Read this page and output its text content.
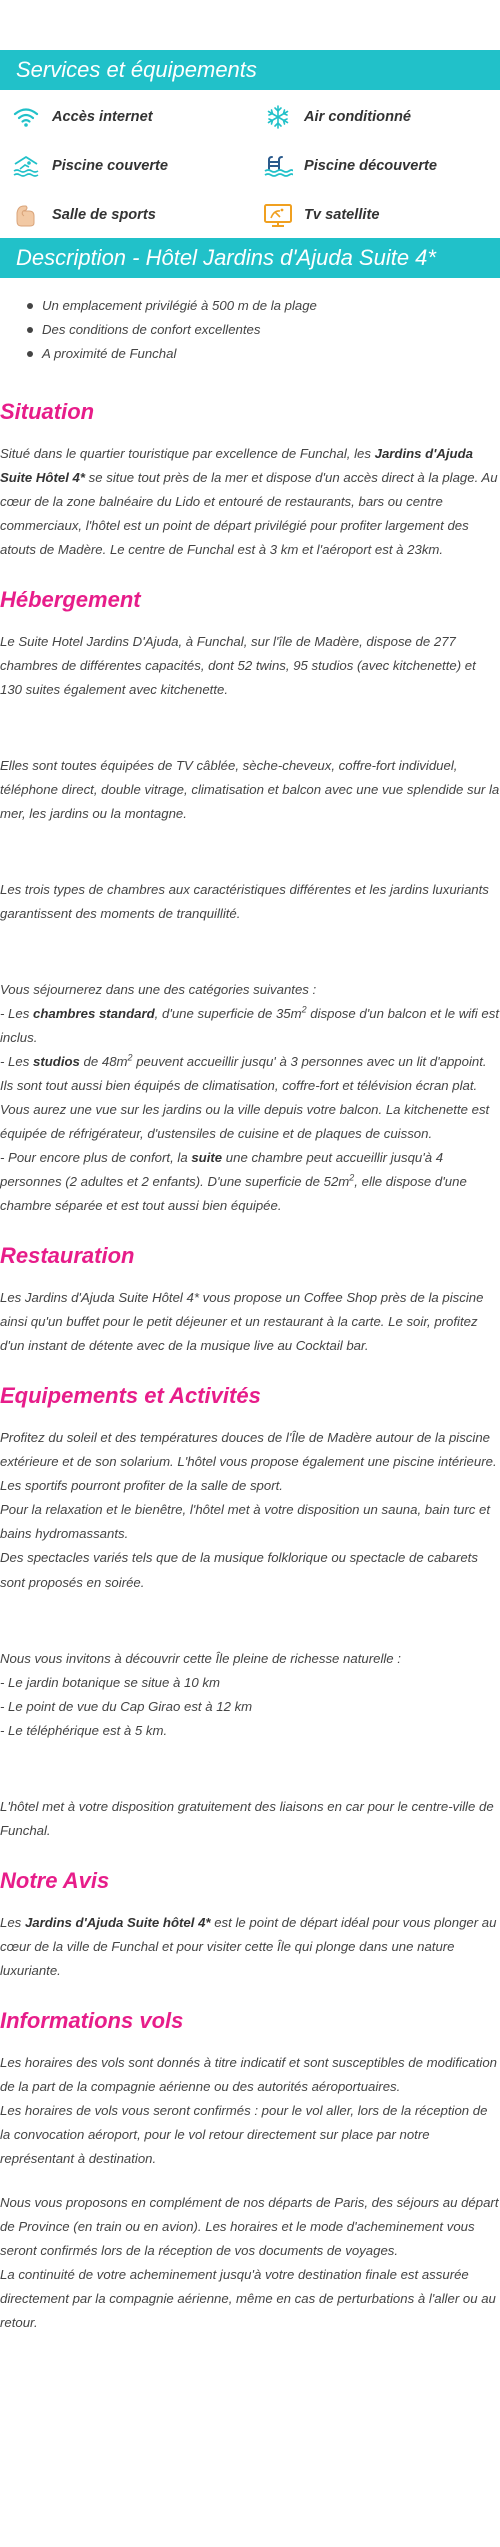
Services et équipements
Accès internet	Air conditionné
Piscine couverte	Piscine découverte
Salle de sports	Tv satellite
Description - Hôtel Jardins d'Ajuda Suite 4*
Un emplacement privilégié à 500 m de la plage
Des conditions de confort excellentes
A proximité de Funchal
Situation

Situé dans le quartier touristique par excellence de Funchal, les Jardins d'Ajuda Suite Hôtel 4* se situe tout près de la mer et dispose d'un accès direct à la plage. Au cœur de la zone balnéaire du Lido et entouré de restaurants, bars ou centre commerciaux, l'hôtel est un point de départ privilégié pour profiter largement des atouts de Madère. Le centre de Funchal est à 3 km et l'aéroport est à 23km.

Hébergement

Le Suite Hotel Jardins D'Ajuda, à Funchal, sur l'île de Madère, dispose de 277 chambres de différentes capacités, dont 52 twins, 95 studios (avec kitchenette) et 130 suites également avec kitchenette.

Elles sont toutes équipées de TV câblée, sèche-cheveux, coffre-fort individuel, téléphone direct, double vitrage, climatisation et balcon avec une vue splendide sur la mer, les jardins ou la montagne.

Les trois types de chambres aux caractéristiques différentes et les jardins luxuriants garantissent des moments de tranquillité.

Vous séjournerez dans une des catégories suivantes :

- Les chambres standard, d'une superficie de $35m^2$ dispose d'un balcon et le wifi est inclus.

- Les studios de $48m^2$ peuvent accueillir jusqu' à 3 personnes avec un lit d'appoint. Ils sont tout aussi bien équipés de climatisation, coffre-fort et télévision écran plat. Vous aurez une vue sur les jardins ou la ville depuis votre balcon. La kitchenette est équipée de réfrigérateur, d'ustensiles de cuisine et de plaques de cuisson.

- Pour encore plus de confort, la suite une chambre peut accueillir jusqu'à 4 personnes (2 adultes et 2 enfants). D'une superficie de $52m^2$, elle dispose d'une chambre séparée et est tout aussi bien équipée.

Restauration

Les Jardins d'Ajuda Suite Hôtel 4* vous propose un Coffee Shop près de la piscine ainsi qu'un buffet pour le petit déjeuner et un restaurant à la carte. Le soir, profitez d'un instant de détente avec de la musique live au Cocktail bar.

Equipements et Activités

Profitez du soleil et des températures douces de l'Île de Madère autour de la piscine extérieure et de son solarium. L'hôtel vous propose également une piscine intérieure.

Les sportifs pourront profiter de la salle de sport.

Pour la relaxation et le bienêtre, l'hôtel met à votre disposition un sauna, bain turc et bains hydromassants.

Des spectacles variés tels que de la musique folklorique ou spectacle de cabarets sont proposés en soirée.

Nous vous invitons à découvrir cette Île pleine de richesse naturelle :

- Le jardin botanique se situe à 10 km

- Le point de vue du Cap Girao est à 12 km

- Le téléphérique est à 5 km.

L'hôtel met à votre disposition gratuitement des liaisons en car pour le centre-ville de Funchal.

Notre Avis

Les Jardins d'Ajuda Suite hôtel 4* est le point de départ idéal pour vous plonger au cœur de la ville de Funchal et pour visiter cette Île qui plonge dans une nature luxuriante.

Informations vols

Les horaires des vols sont donnés à titre indicatif et sont susceptibles de modification de la part de la compagnie aérienne ou des autorités aéroportuaires.

Les horaires de vols vous seront confirmés : pour le vol aller, lors de la réception de la convocation aéroport, pour le vol retour directement sur place par notre représentant à destination.

Nous vous proposons en complément de nos départs de Paris, des séjours au départ de Province (en train ou en avion). Les horaires et le mode d'acheminement vous seront confirmés lors de la réception de vos documents de voyages.

La continuité de votre acheminement jusqu'à votre destination finale est assurée directement par la compagnie aérienne, même en cas de perturbations à l'aller ou au retour.
